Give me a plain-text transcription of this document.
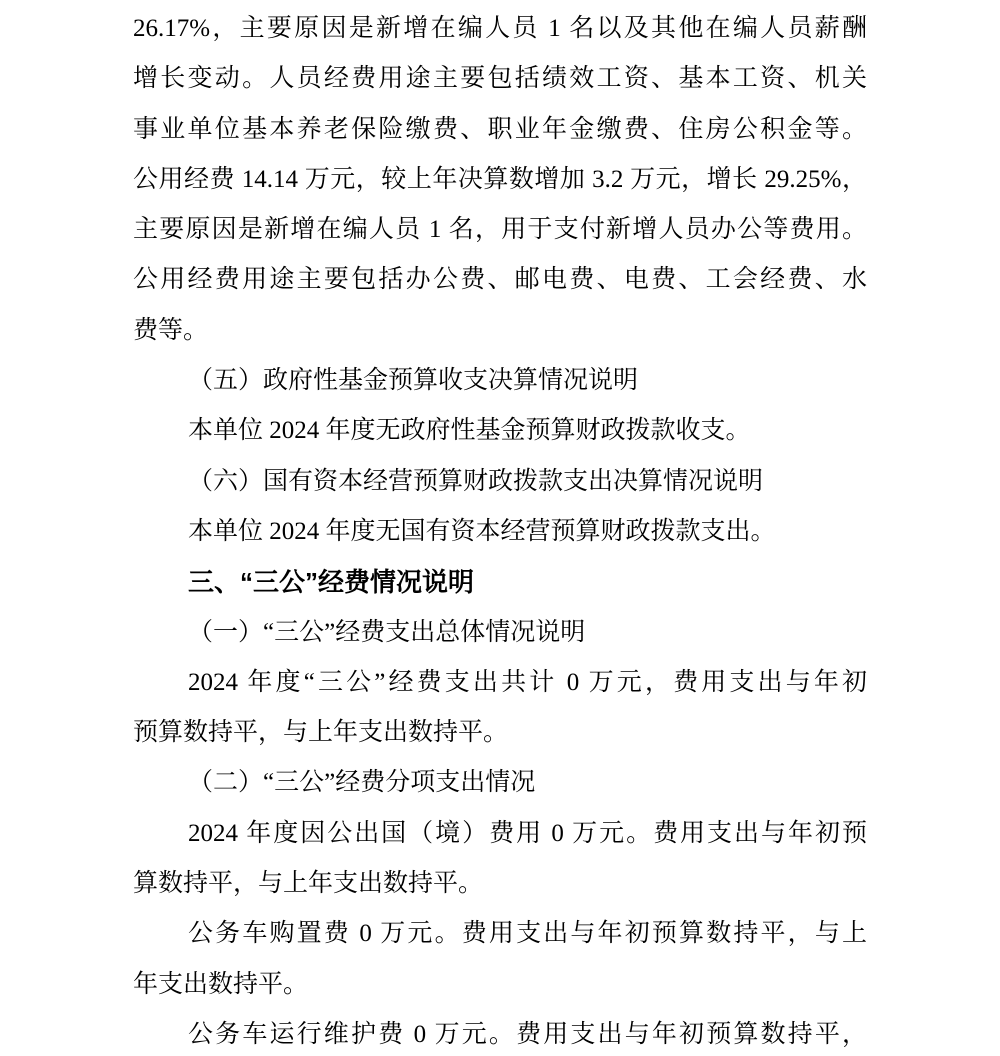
26.17%，主要原因是新增在编人员 1 名以及其他在编人员薪酬
增长变动。人员经费用途主要包括绩效工资、基本工资、机关
事业单位基本养老保险缴费、职业年金缴费、住房公积金等。
公用经费 14.14 万元，较上年决算数增加 3.2 万元，增长 29.25%，
主要原因是新增在编人员 1 名，用于支付新增人员办公等费用。
公用经费用途主要包括办公费、邮电费、电费、工会经费、水
费等。
（五）政府性基金预算收支决算情况说明
本单位 2024 年度无政府性基金预算财政拨款收支。
（六）国有资本经营预算财政拨款支出决算情况说明
本单位 2024 年度无国有资本经营预算财政拨款支出。
三、“三公”经费情况说明
（一）“三公”经费支出总体情况说明
2024 年度“三公”经费支出共计 0 万元，费用支出与年初
预算数持平，与上年支出数持平。
（二）“三公”经费分项支出情况
2024 年度因公出国（境）费用 0 万元。费用支出与年初预
算数持平，与上年支出数持平。
公务车购置费 0 万元。费用支出与年初预算数持平，与上
年支出数持平。
公务车运行维护费 0 万元。费用支出与年初预算数持平，
